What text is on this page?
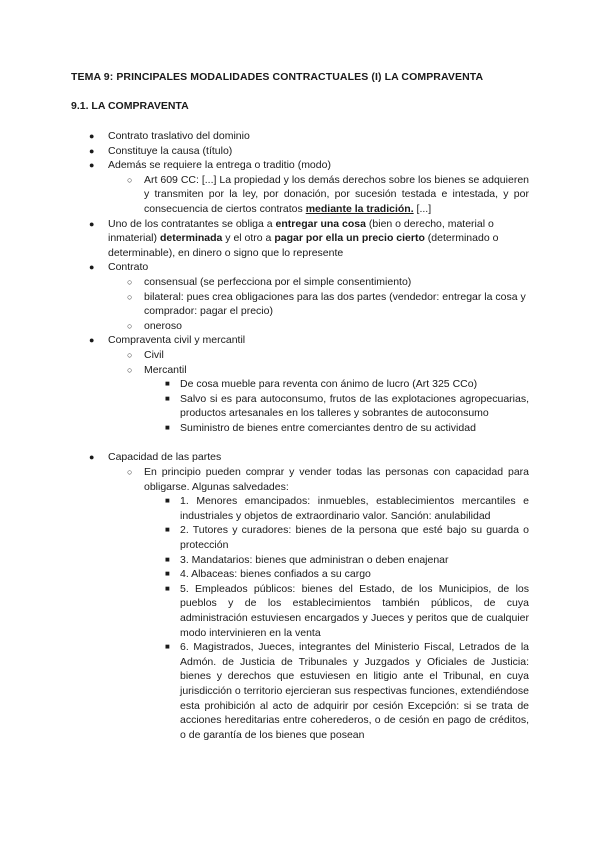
TEMA 9: PRINCIPALES MODALIDADES CONTRACTUALES (I) LA COMPRAVENTA
9.1. LA COMPRAVENTA
● Contrato traslativo del dominio
● Constituye la causa (título)
● Además se requiere la entrega o traditio (modo)
○ Art 609 CC: [...] La propiedad y los demás derechos sobre los bienes se adquieren y transmiten por la ley, por donación, por sucesión testada e intestada, y por consecuencia de ciertos contratos mediante la tradición. [...]
● Uno de los contratantes se obliga a entregar una cosa (bien o derecho, material o inmaterial) determinada y el otro a pagar por ella un precio cierto (determinado o determinable), en dinero o signo que lo represente
● Contrato
○ consensual (se perfecciona por el simple consentimiento)
○ bilateral: pues crea obligaciones para las dos partes (vendedor: entregar la cosa y comprador: pagar el precio)
○ oneroso
● Compraventa civil y mercantil
○ Civil
○ Mercantil
■ De cosa mueble para reventa con ánimo de lucro (Art 325 CCo)
■ Salvo si es para autoconsumo, frutos de las explotaciones agropecuarias, productos artesanales en los talleres y sobrantes de autoconsumo
■ Suministro de bienes entre comerciantes dentro de su actividad
● Capacidad de las partes
○ En principio pueden comprar y vender todas las personas con capacidad para obligarse. Algunas salvedades:
■ 1. Menores emancipados: inmuebles, establecimientos mercantiles e industriales y objetos de extraordinario valor. Sanción: anulabilidad
■ 2. Tutores y curadores: bienes de la persona que esté bajo su guarda o protección
■ 3. Mandatarios: bienes que administran o deben enajenar
■ 4. Albaceas: bienes confiados a su cargo
■ 5. Empleados públicos: bienes del Estado, de los Municipios, de los pueblos y de los establecimientos también públicos, de cuya administración estuviesen encargados y Jueces y peritos que de cualquier modo intervinieren en la venta
■ 6. Magistrados, Jueces, integrantes del Ministerio Fiscal, Letrados de la Admón. de Justicia de Tribunales y Juzgados y Oficiales de Justicia: bienes y derechos que estuviesen en litigio ante el Tribunal, en cuya jurisdicción o territorio ejercieran sus respectivas funciones, extendiéndose esta prohibición al acto de adquirir por cesión Excepción: si se trata de acciones hereditarias entre coherederos, o de cesión en pago de créditos, o de garantía de los bienes que posean
